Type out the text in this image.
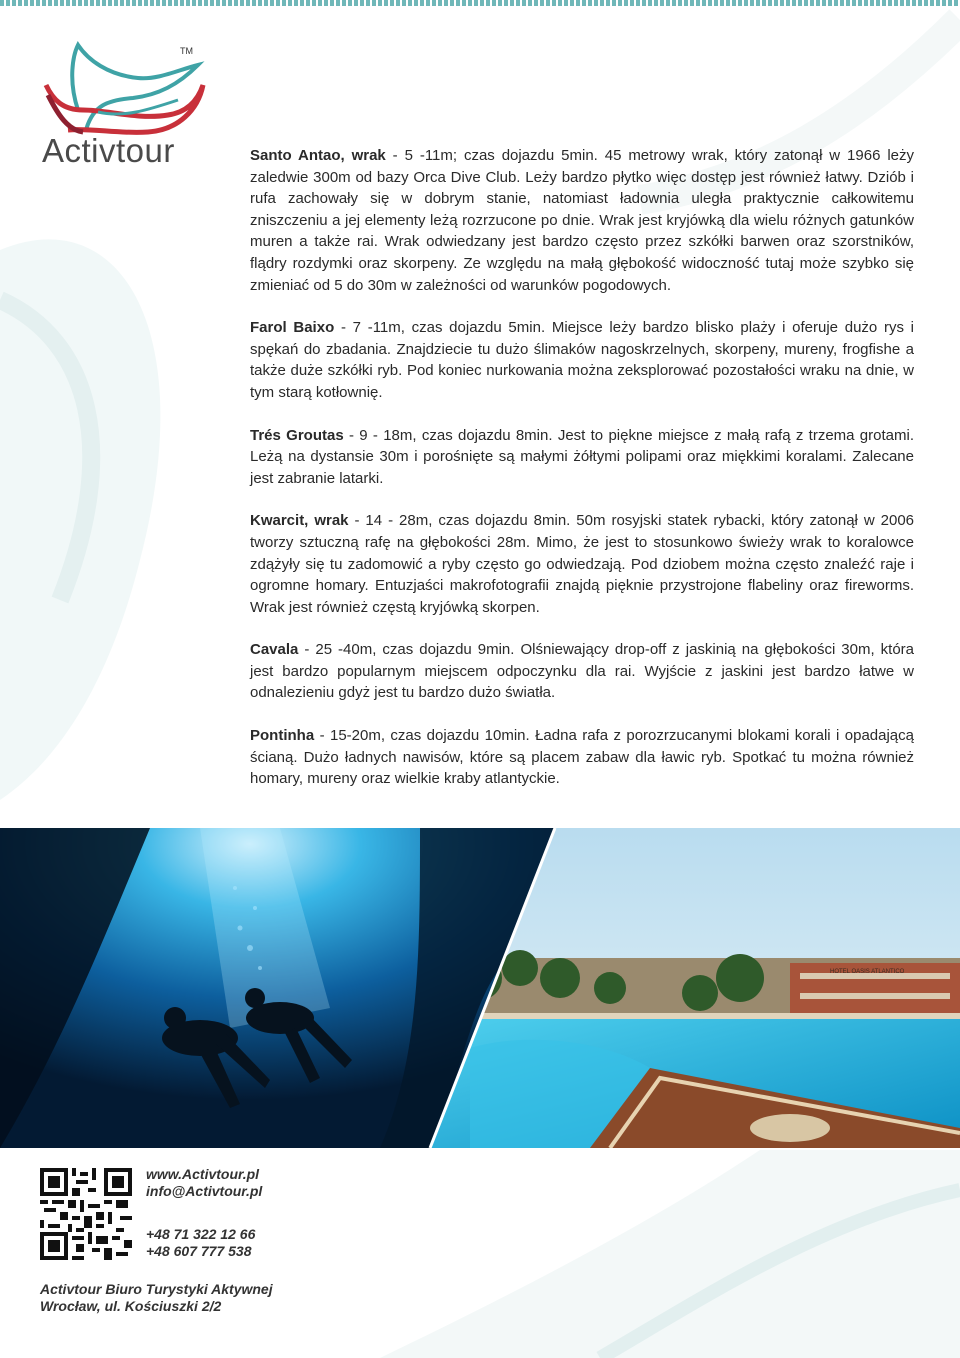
TM
Activtour	Santo Antao, wrak - 5 -11m; czas dojazdu 5min. 45 metrowy wrak, który zatonął w 1966 leży zaledwie 300m od bazy Orca Dive Club. Leży bardzo płytko więc dostęp jest również łatwy. Dziób i rufa zachowały się w dobrym stanie, natomiast ładownia uległa praktycznie całkowitemu zniszczeniu a jej elementy leżą rozrzucone po dnie. Wrak jest kryjówką dla wielu różnych gatunków muren a także rai. Wrak odwiedzany jest bardzo często przez szkółki barwen oraz szorstników, flądry rozdymki oraz skorpeny. Ze względu na małą głębokość widoczność tutaj może szybko się zmieniać od 5 do 30m w zależności od warunków pogodowych.

Farol Baixo - 7 -11m, czas dojazdu 5min. Miejsce leży bardzo blisko plaży i oferuje dużo rys i spękań do zbadania. Znajdziecie tu dużo ślimaków nagoskrzelnych, skorpeny, mureny, frogfishe a także duże szkółki ryb. Pod koniec nurkowania można zeksplorować pozostałości wraku na dnie, w tym starą kotłownię.

Trés Groutas - 9 - 18m, czas dojazdu 8min. Jest to piękne miejsce z małą rafą z trzema grotami. Leżą na dystansie 30m i porośnięte są małymi żółtymi polipami oraz miękkimi koralami. Zalecane jest zabranie latarki.

Kwarcit, wrak - 14 - 28m, czas dojazdu 8min. 50m rosyjski statek rybacki, który zatonął w 2006 tworzy sztuczną rafę na głębokości 28m. Mimo, że jest to stosunkowo świeży wrak to koralowce zdążyły się tu zadomowić a ryby często go odwiedzają. Pod dziobem można często znaleźć raje i ogromne homary. Entuzjaści makrofotografii znajdą pięknie przystrojone flabeliny oraz fireworms. Wrak jest również częstą kryjówką skorpen.

Cavala - 25 -40m, czas dojazdu 9min. Olśniewający drop-off z jaskinią na głębokości 30m, która jest bardzo popularnym miejscem odpoczynku dla rai. Wyjście z jaskini jest bardzo łatwe w odnalezieniu gdyż jest tu bardzo dużo światła.

Pontinha - 15-20m, czas dojazdu 10min. Ładna rafa z porozrzucanymi blokami korali i opadającą ścianą. Dużo ładnych nawisów, które są placem zabaw dla ławic ryb. Spotkać tu można również homary, mureny oraz wielkie kraby atlantyckie.

HOTEL OASIS ATLANTICO
www.Activtour.pl
info@Activtour.pl
+48 71 322 12 66
+48 607 777 538
Activtour Biuro Turystyki Aktywnej
Wrocław, ul. Kościuszki 2/2
